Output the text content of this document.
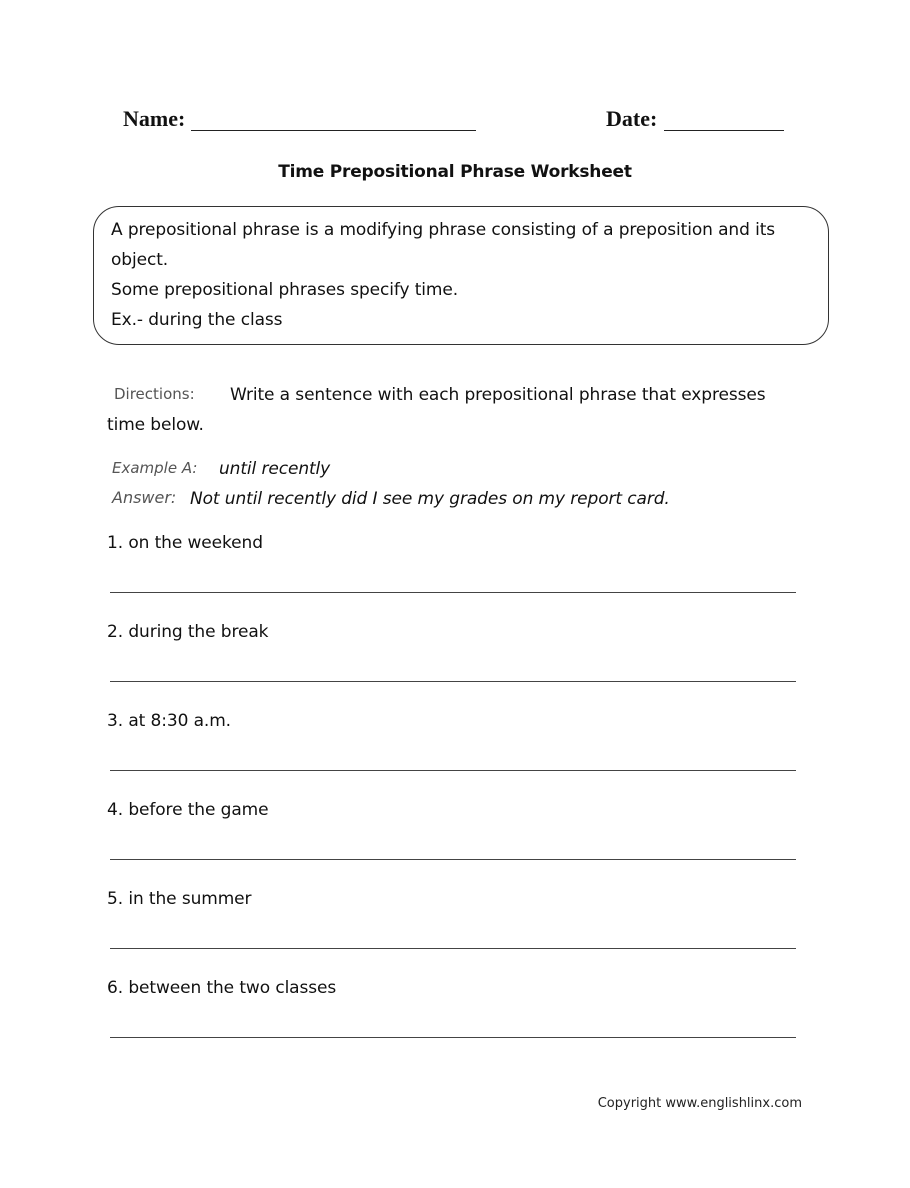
Name:	Date:
Time Prepositional Phrase Worksheet
A prepositional phrase is a modifying phrase consisting of a preposition and its
object.
Some prepositional phrases specify time.
Ex.- during the class
Directions: Write a sentence with each prepositional phrase that expresses
time below.
Example A: until recently
Answer: Not until recently did I see my grades on my report card.
1. on the weekend
2. during the break
3. at 8:30 a.m.
4. before the game
5. in the summer
6. between the two classes
Copyright www.englishlinx.com
